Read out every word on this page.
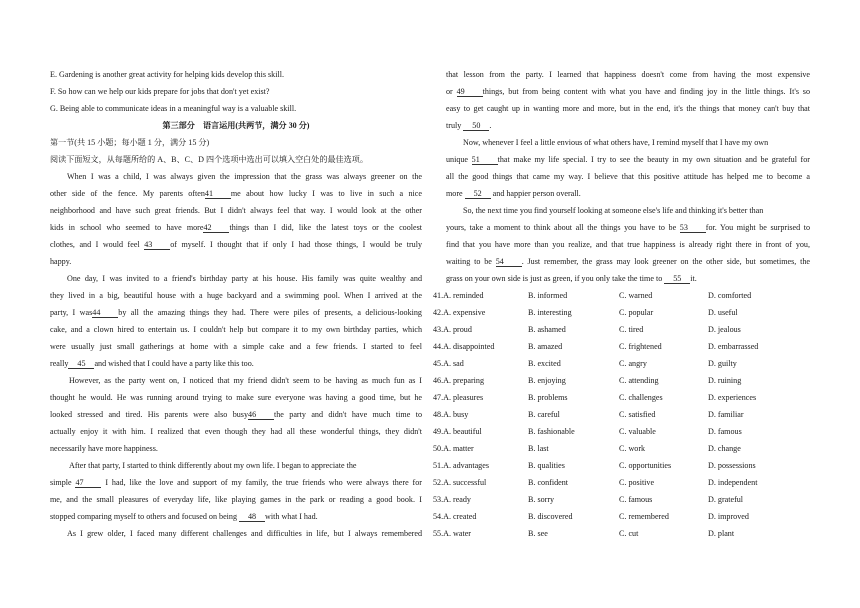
E. Gardening is another great activity for helping kids develop this skill.
F. So how can we help our kids prepare for jobs that don't yet exist?
G. Being able to communicate ideas in a meaningful way is a valuable skill.
第三部分　语言运用(共两节，满分 30 分)
第一节(共 15 小题；每小题 1 分，满分 15 分)
阅读下面短文，从每题所给的 A、B、C、D 四个选项中选出可以填入空白处的最佳选项。
When I was a child, I was always given the impression that the grass was always greener on the
other side of the fence. My parents often41 me about how lucky I was to live in such a nice
neighborhood and have such great friends. But I didn't always feel that way. I would look at the other
kids in school who seemed to have more42 things than I did, like the latest toys or the coolest
clothes, and I would feel 43 of myself. I thought that if only I had those things, I would be truly
happy.
One day, I was invited to a friend's birthday party at his house. His family was quite wealthy and
they lived in a big, beautiful house with a huge backyard and a swimming pool. When I arrived at the
party, I was44 by all the amazing things they had. There were piles of presents, a delicious-looking
cake, and a clown hired to entertain us. I couldn't help but compare it to my own birthday parties, which
were usually just small gatherings at home with a simple cake and a few friends. I started to feel
really 45 and wished that I could have a party like this too.
However, as the party went on, I noticed that my friend didn't seem to be having as much fun as I
thought he would. He was running around trying to make sure everyone was having a good time, but he
looked stressed and tired. His parents were also busy46 the party and didn't have much time to
actually enjoy it with him. I realized that even though they had all these wonderful things, they didn't
necessarily have more happiness.
After that party, I started to think differently about my own life. I began to appreciate the
simple 47 I had, like the love and support of my family, the true friends who were always there for
me, and the small pleasures of everyday life, like playing games in the park or reading a good book. I
stopped comparing myself to others and focused on being 48 with what I had.
As I grew older, I faced many different challenges and difficulties in life, but I always remembered
that lesson from the party. I learned that happiness doesn't come from having the most expensive
or 49 things, but from being content with what you have and finding joy in the little things. It's so
easy to get caught up in wanting more and more, but in the end, it's the things that money can't buy that
truly 50 .
Now, whenever I feel a little envious of what others have, I remind myself that I have my own
unique 51 that make my life special. I try to see the beauty in my own situation and be grateful for
all the good things that came my way. I believe that this positive attitude has helped me to become a
more 52 and happier person overall.
So, the next time you find yourself looking at someone else's life and thinking it's better than
yours, take a moment to think about all the things you have to be 53 for. You might be surprised to
find that you have more than you realize, and that true happiness is already right there in front of you,
waiting to be 54 . Just remember, the grass may look greener on the other side, but sometimes, the
grass on your own side is just as green, if you only take the time to 55 it.
41.A. reminded	B. informed	C. warned	D. comforted
42.A. expensive	B. interesting	C. popular	D. useful
43.A. proud	B. ashamed	C. tired	D. jealous
44.A. disappointed	B. amazed	C. frightened	D. embarrassed
45.A. sad	B. excited	C. angry	D. guilty
46.A. preparing	B. enjoying	C. attending	D. ruining
47.A. pleasures	B. problems	C. challenges	D. experiences
48.A. busy	B. careful	C. satisfied	D. familiar
49.A. beautiful	B. fashionable	C. valuable	D. famous
50.A. matter	B. last	C. work	D. change
51.A. advantages	B. qualities	C. opportunities	D. possessions
52.A. successful	B. confident	C. positive	D. independent
53.A. ready	B. sorry	C. famous	D. grateful
54.A. created	B. discovered	C. remembered	D. improved
55.A. water	B. see	C. cut	D. plant
